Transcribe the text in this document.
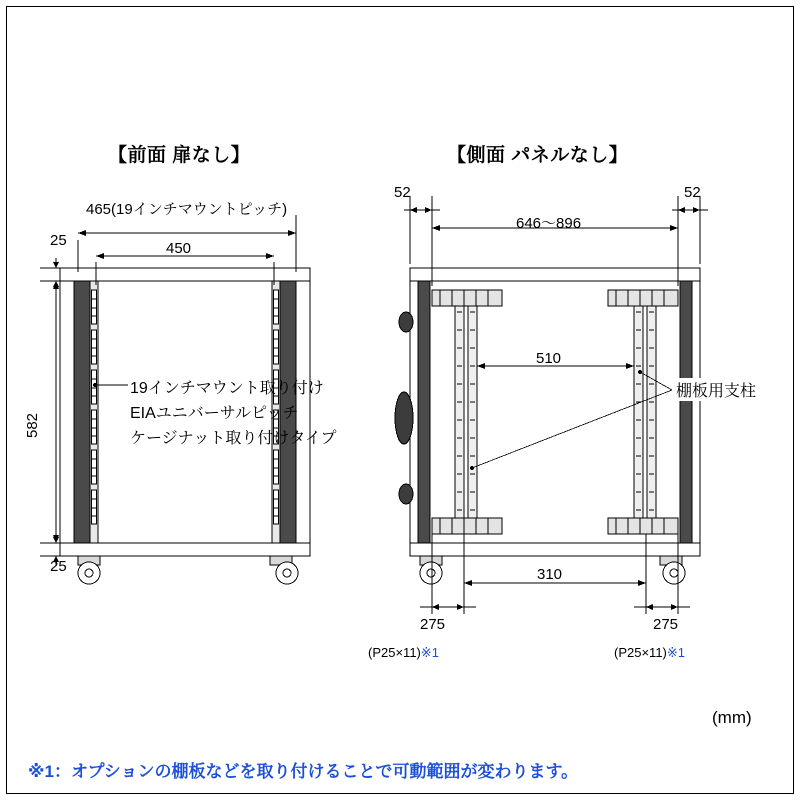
【前面 扉なし】
465(19インチマウントピッチ)
450
25
25
582
19インチマウント取り付け
EIAユニバーサルピッチ
ケージナット取り付けタイプ
【側面 パネルなし】
52	52
646～896
510
310
275
(P25×11)※1
275
(P25×11)※1
棚板用支柱
(mm)
※1：オプションの棚板などを取り付けることで可動範囲が変わります。
